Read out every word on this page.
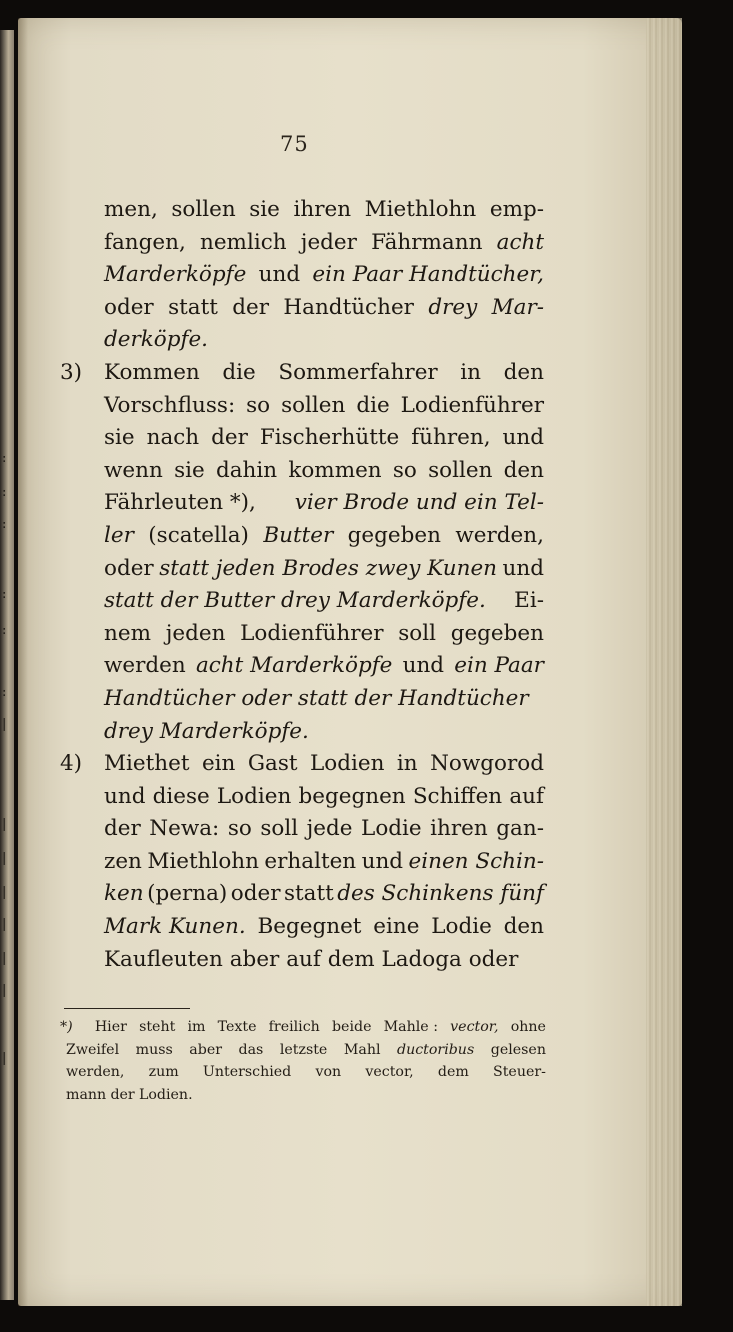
:
:
:
:
:
:
|
|
|
|
|
|
|
|
75
3)
4)
men, sollen sie ihren Miethlohn emp-
fangen, nemlich jeder Fährmann acht
Marderköpfe und ein Paar Handtücher,
oder statt der Handtücher drey Mar-
derköpfe.
Kommen die Sommerfahrer in den
Vorschfluss: so sollen die Lodienführer
sie nach der Fischerhütte führen, und
wenn sie dahin kommen so sollen den
Fährleuten *), vier Brode und ein Tel-
ler (scatella) Butter gegeben werden,
oder statt jeden Brodes zwey Kunen und
statt der Butter drey Marderköpfe. Ei-
nem jeden Lodienführer soll gegeben
werden acht Marderköpfe und ein Paar
Handtücher oder statt der Handtücher
drey Marderköpfe.
Miethet ein Gast Lodien in Nowgorod
und diese Lodien begegnen Schiffen auf
der Newa: so soll jede Lodie ihren gan-
zen Miethlohn erhalten und einen Schin-
ken (perna) oder statt des Schinkens fünf
Mark Kunen. Begegnet eine Lodie den
Kaufleuten aber auf dem Ladoga oder
*) Hier steht im Texte freilich beide Mahle : vector, ohne
Zweifel muss aber das letzste Mahl ductoribus gelesen
werden, zum Unterschied von vector, dem Steuer-
mann der Lodien.
